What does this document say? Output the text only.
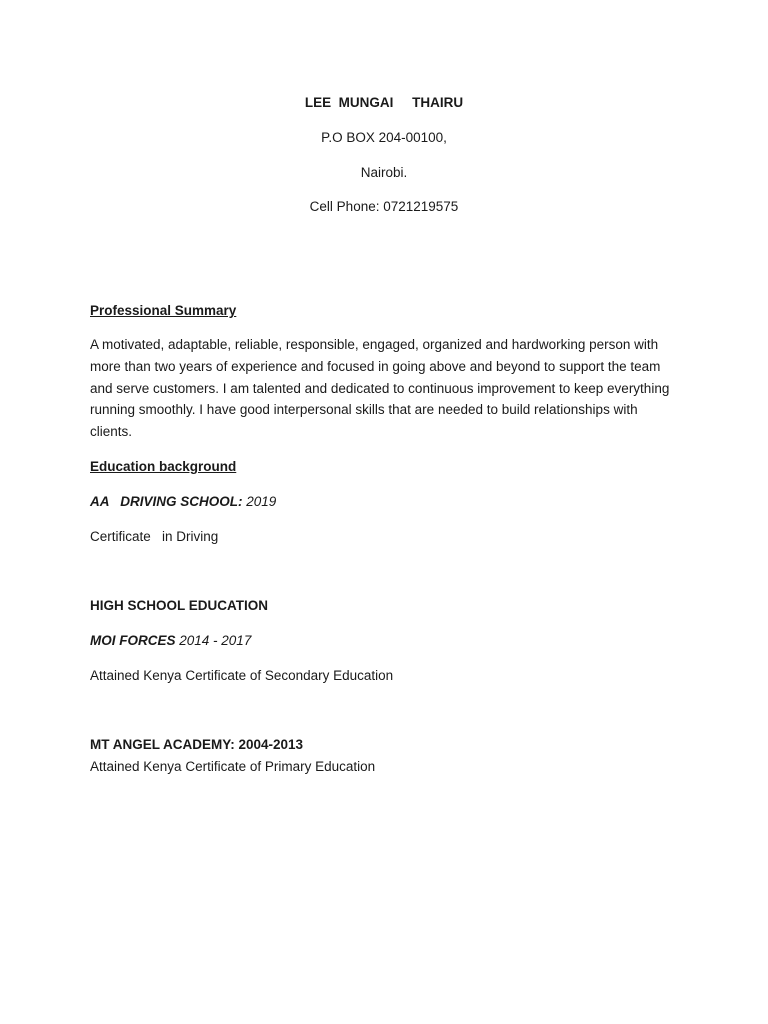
LEE  MUNGAI     THAIRU
P.O BOX 204-00100,
Nairobi.
Cell Phone: 0721219575
Professional Summary
A motivated, adaptable, reliable, responsible, engaged, organized and hardworking person with more than two years of experience and focused in going above and beyond to support the team and serve customers. I am talented and dedicated to continuous improvement to keep everything running smoothly. I have good interpersonal skills that are needed to build relationships with clients.
Education background
AA   DRIVING SCHOOL: 2019
Certificate   in Driving
HIGH SCHOOL EDUCATION
MOI FORCES 2014 - 2017
Attained Kenya Certificate of Secondary Education
MT ANGEL ACADEMY: 2004-2013
Attained Kenya Certificate of Primary Education
